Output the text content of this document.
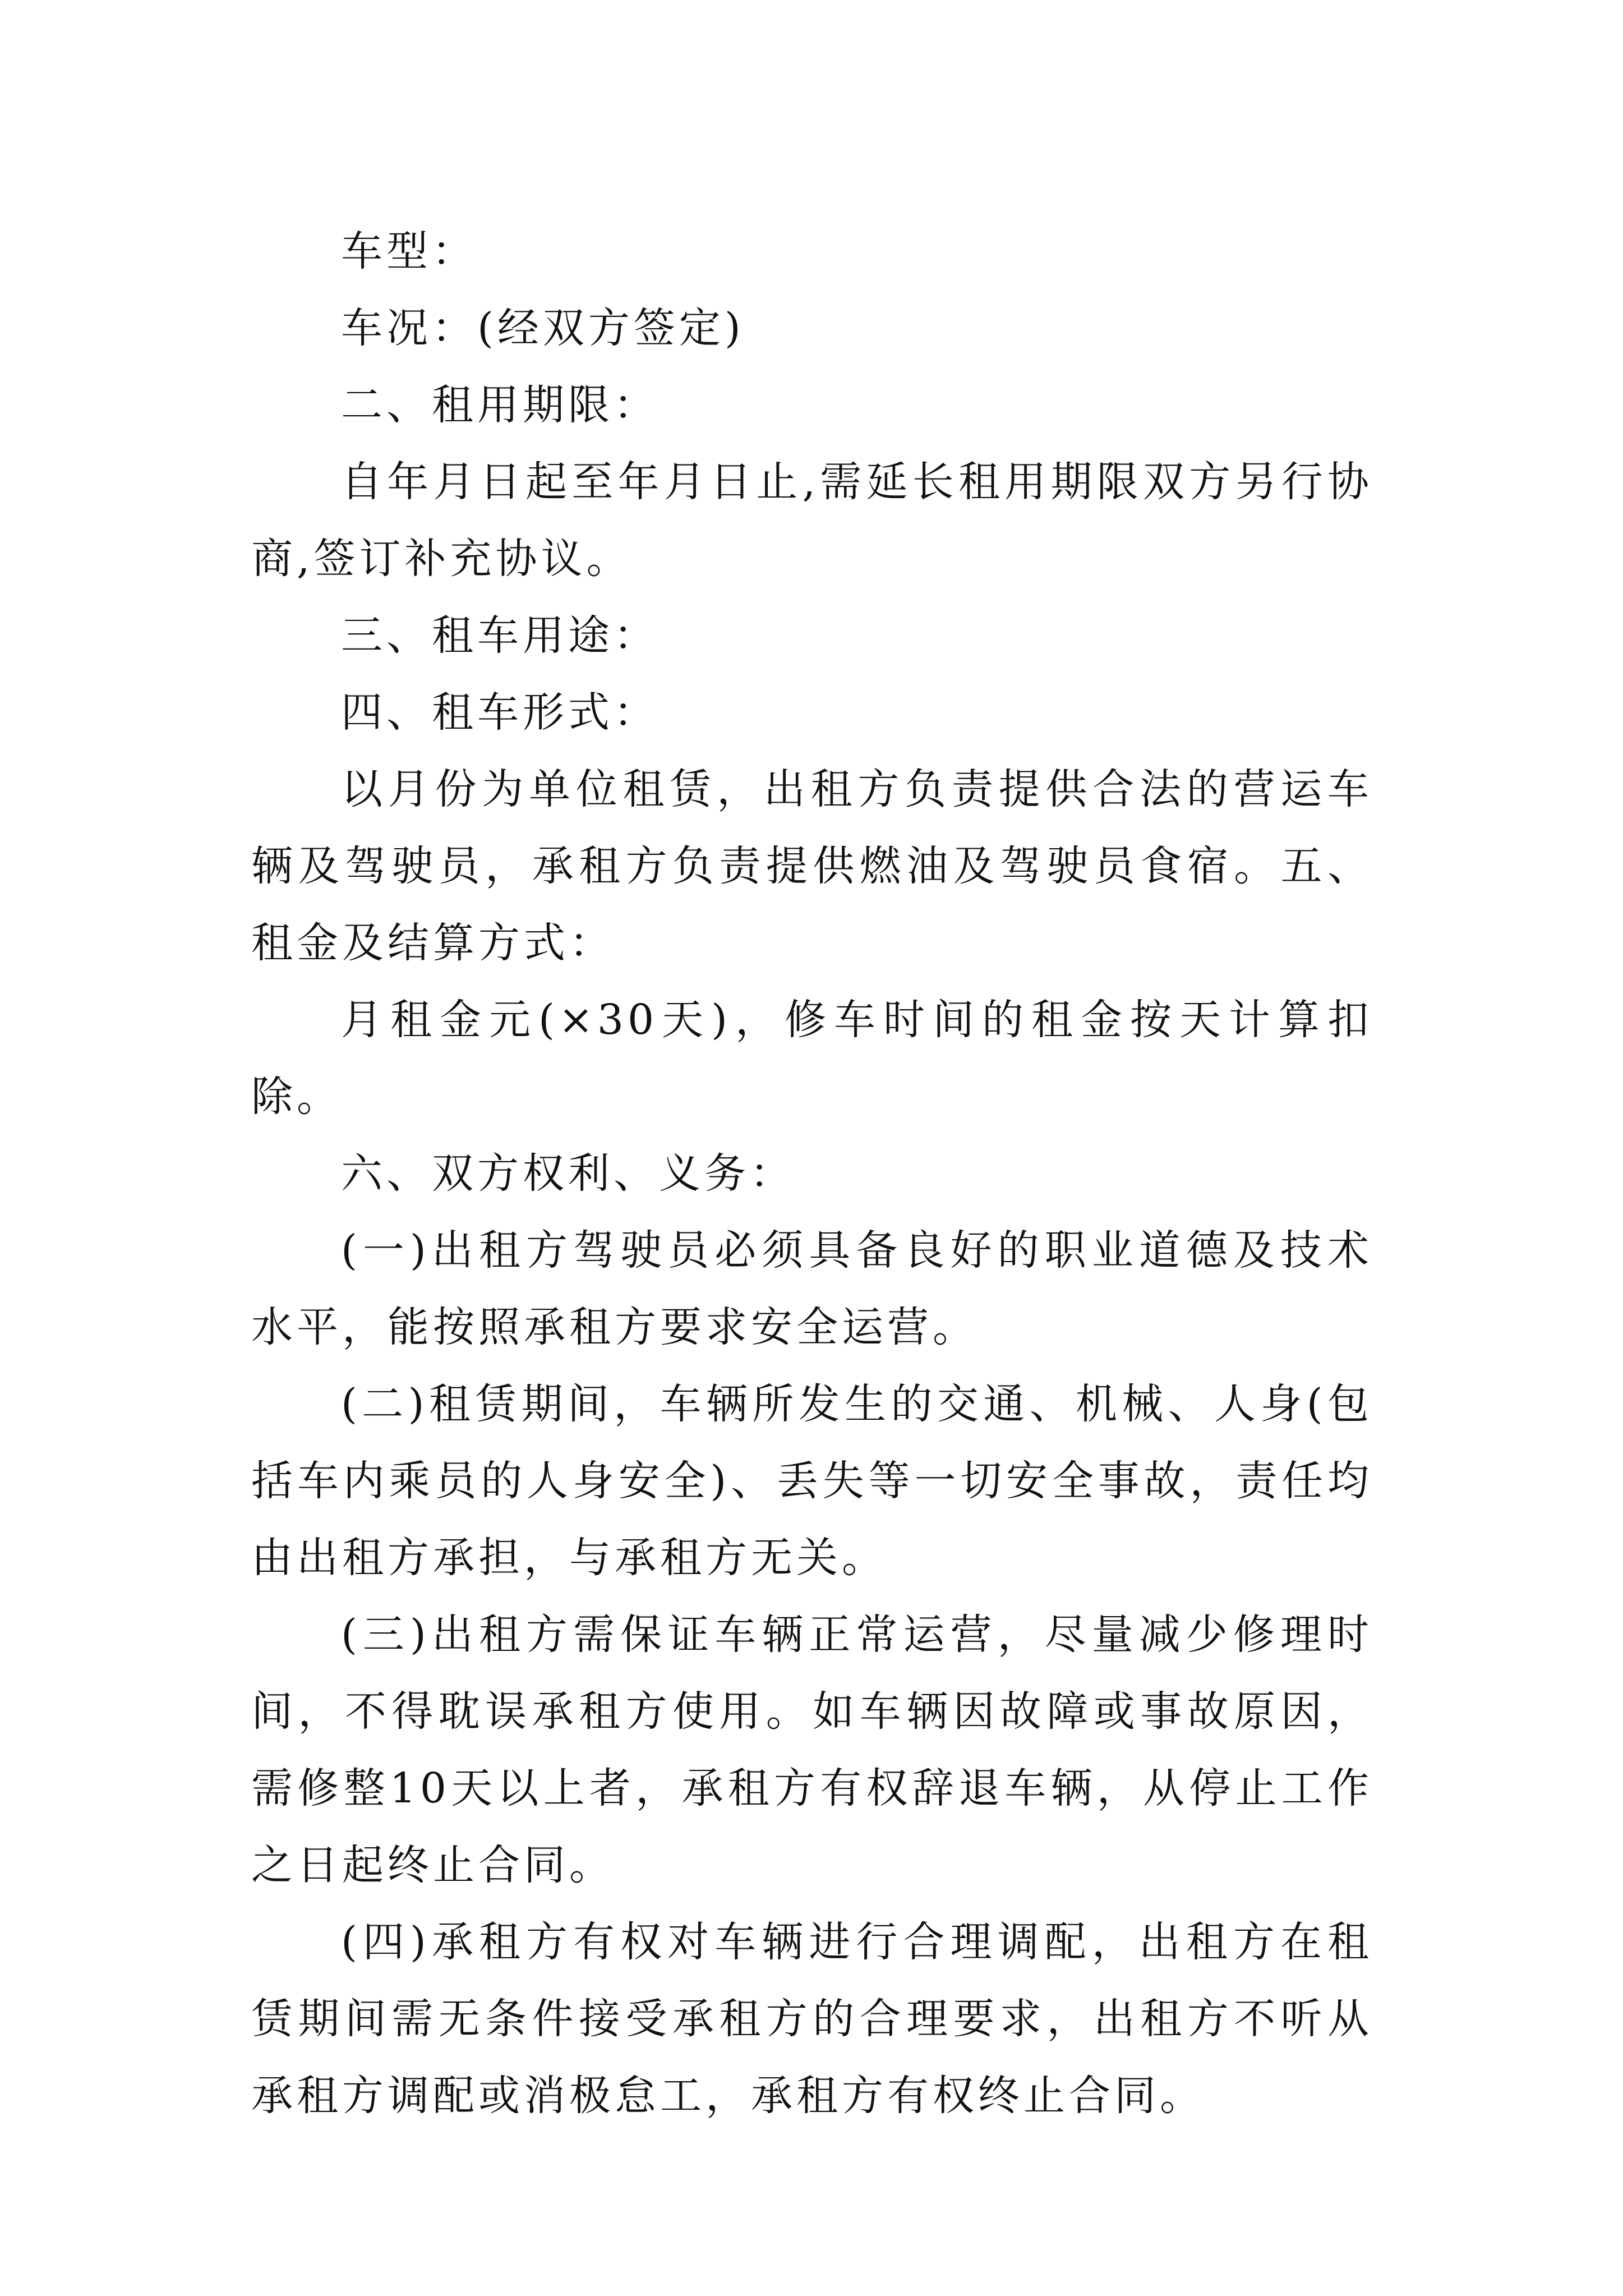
车型：

车况：(经双方签定)

二、租用期限：

自年月日起至年月日止,需延长租用期限双方另行协商,签订补充协议。

三、租车用途：

四、租车形式：

以月份为单位租赁，出租方负责提供合法的营运车辆及驾驶员，承租方负责提供燃油及驾驶员食宿。五、租金及结算方式：

月租金元(×30天)，修车时间的租金按天计算扣除。

六、双方权利、义务：

(一)出租方驾驶员必须具备良好的职业道德及技术水平，能按照承租方要求安全运营。

(二)租赁期间，车辆所发生的交通、机械、人身(包括车内乘员的人身安全)、丢失等一切安全事故，责任均由出租方承担，与承租方无关。

(三)出租方需保证车辆正常运营，尽量减少修理时间，不得耽误承租方使用。如车辆因故障或事故原因，需修整10天以上者，承租方有权辞退车辆，从停止工作之日起终止合同。

(四)承租方有权对车辆进行合理调配，出租方在租赁期间需无条件接受承租方的合理要求，出租方不听从承租方调配或消极怠工，承租方有权终止合同。
